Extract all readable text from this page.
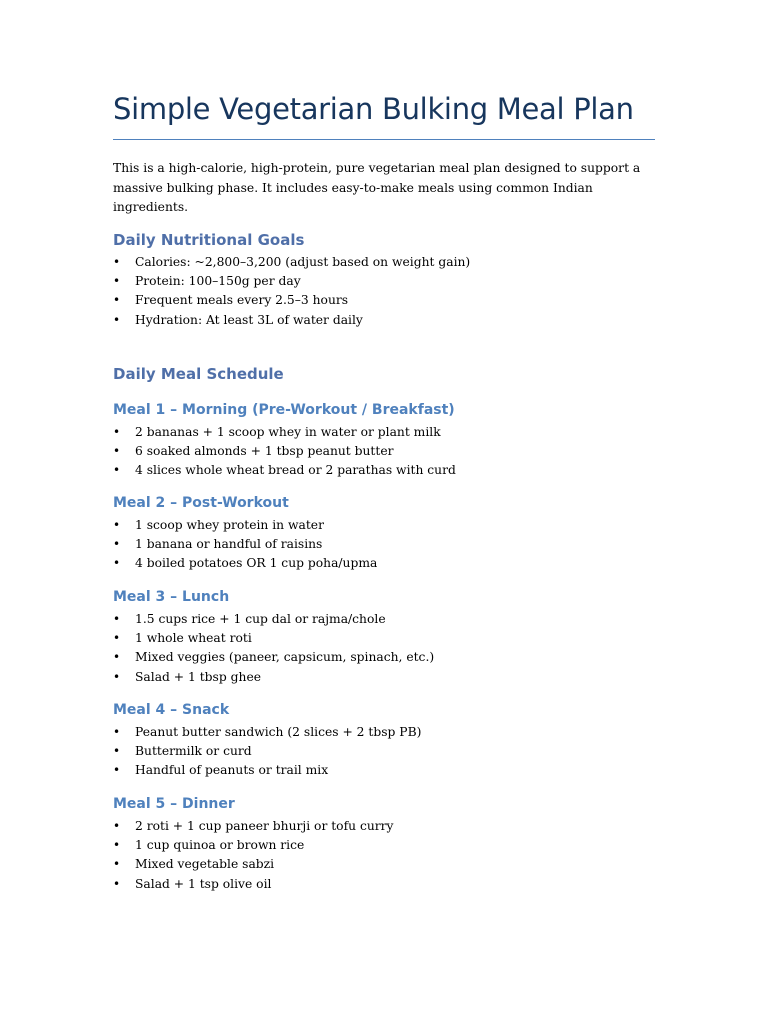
Simple Vegetarian Bulking Meal Plan

This is a high-calorie, high-protein, pure vegetarian meal plan designed to support a massive bulking phase. It includes easy-to-make meals using common Indian ingredients.

Daily Nutritional Goals
• Calories: ~2,800–3,200 (adjust based on weight gain)
• Protein: 100–150g per day
• Frequent meals every 2.5–3 hours
• Hydration: At least 3L of water daily
Daily Meal Schedule
Meal 1 – Morning (Pre-Workout / Breakfast)
• 2 bananas + 1 scoop whey in water or plant milk
• 6 soaked almonds + 1 tbsp peanut butter
• 4 slices whole wheat bread or 2 parathas with curd
Meal 2 – Post-Workout
• 1 scoop whey protein in water
• 1 banana or handful of raisins
• 4 boiled potatoes OR 1 cup poha/upma
Meal 3 – Lunch
• 1.5 cups rice + 1 cup dal or rajma/chole
• 1 whole wheat roti
• Mixed veggies (paneer, capsicum, spinach, etc.)
• Salad + 1 tbsp ghee
Meal 4 – Snack
• Peanut butter sandwich (2 slices + 2 tbsp PB)
• Buttermilk or curd
• Handful of peanuts or trail mix
Meal 5 – Dinner
• 2 roti + 1 cup paneer bhurji or tofu curry
• 1 cup quinoa or brown rice
• Mixed vegetable sabzi
• Salad + 1 tsp olive oil
